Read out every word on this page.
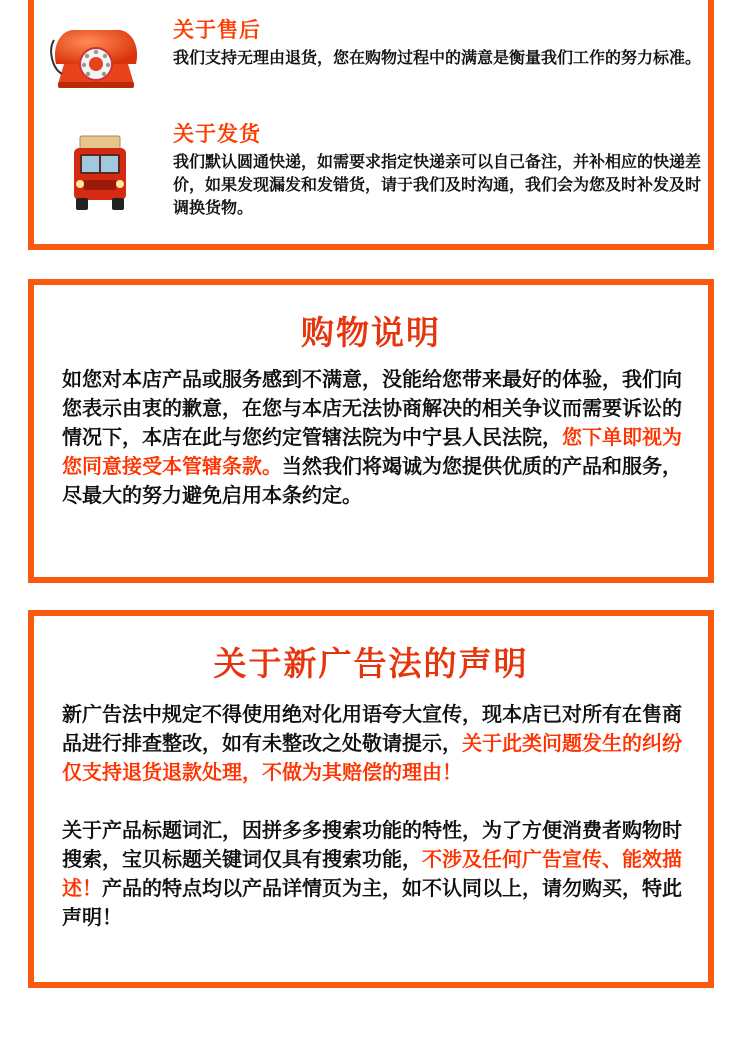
关于售后
我们支持无理由退货，您在购物过程中的满意是衡量我们工作的努力标准。
关于发货
我们默认圆通快递，如需要求指定快递亲可以自己备注，并补相应的快递差价，如果发现漏发和发错货，请于我们及时沟通，我们会为您及时补发及时调换货物。
购物说明
如您对本店产品或服务感到不满意，没能给您带来最好的体验，我们向您表示由衷的歉意，在您与本店无法协商解决的相关争议而需要诉讼的情况下，本店在此与您约定管辖法院为中宁县人民法院，您下单即视为您同意接受本管辖条款。当然我们将竭诚为您提供优质的产品和服务，尽最大的努力避免启用本条约定。
关于新广告法的声明
新广告法中规定不得使用绝对化用语夸大宣传，现本店已对所有在售商品进行排查整改，如有未整改之处敬请提示，关于此类问题发生的纠纷仅支持退货退款处理，不做为其赔偿的理由！
关于产品标题词汇，因拼多多搜索功能的特性，为了方便消费者购物时搜索，宝贝标题关键词仅具有搜索功能，不涉及任何广告宣传、能效描述！产品的特点均以产品详情页为主，如不认同以上，请勿购买，特此声明！
